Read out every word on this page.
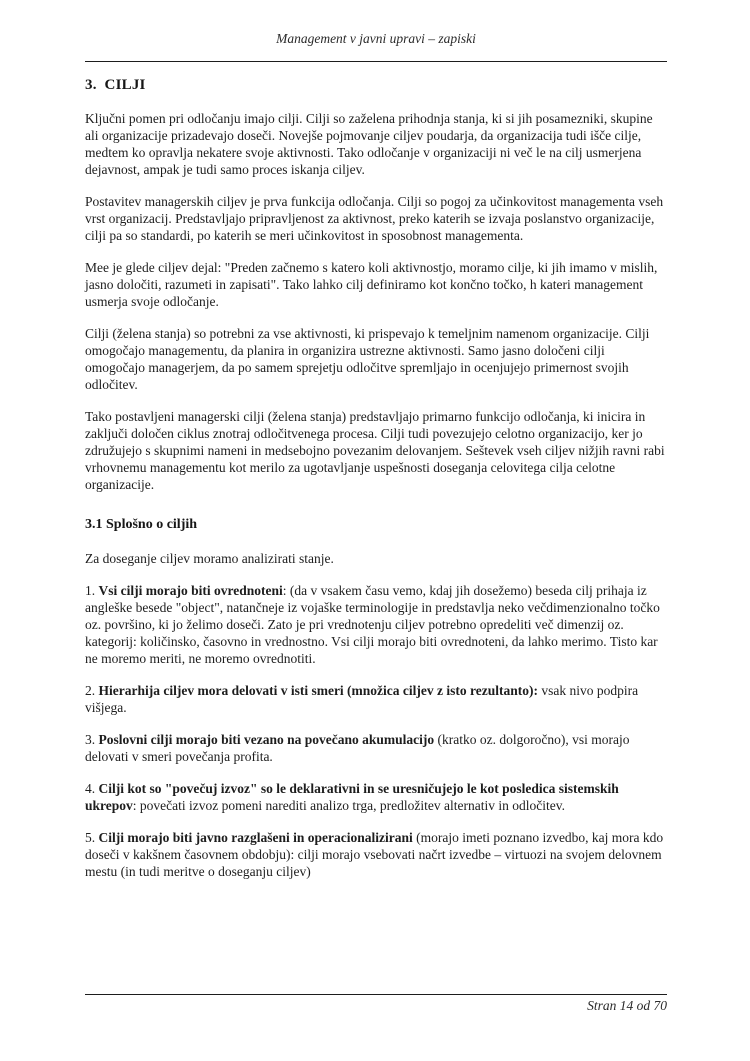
Management v javni upravi – zapiski
3.  CILJI

Ključni pomen pri odločanju imajo cilji. Cilji so zaželena prihodnja stanja, ki si jih posamezniki, skupine ali organizacije prizadevajo doseči. Novejše pojmovanje ciljev poudarja, da organizacija tudi išče cilje, medtem ko opravlja nekatere svoje aktivnosti. Tako odločanje v organizaciji ni več le na cilj usmerjena dejavnost, ampak je tudi samo proces iskanja ciljev.

Postavitev managerskih ciljev je prva funkcija odločanja. Cilji so pogoj za učinkovitost managementa vseh vrst organizacij. Predstavljajo pripravljenost za aktivnost, preko katerih se izvaja poslanstvo organizacije, cilji pa so standardi, po katerih se meri učinkovitost in sposobnost managementa.

Mee je glede ciljev dejal: "Preden začnemo s katero koli aktivnostjo, moramo cilje, ki jih imamo v mislih, jasno določiti, razumeti in zapisati". Tako lahko cilj definiramo kot končno točko, h kateri management usmerja svoje odločanje.

Cilji (želena stanja) so potrebni za vse aktivnosti, ki prispevajo k temeljnim namenom organizacije. Cilji omogočajo managementu, da planira in organizira ustrezne aktivnosti. Samo jasno določeni cilji omogočajo managerjem, da po samem sprejetju odločitve spremljajo in ocenjujejo primernost svojih odločitev.

Tako postavljeni managerski cilji (želena stanja) predstavljajo primarno funkcijo odločanja, ki inicira in zaključi določen ciklus znotraj odločitvenega procesa. Cilji tudi povezujejo celotno organizacijo, ker jo združujejo s skupnimi nameni in medsebojno povezanim delovanjem. Seštevek vseh ciljev nižjih ravni rabi vrhovnemu managementu kot merilo za ugotavljanje uspešnosti doseganja celovitega cilja celotne organizacije.

3.1 Splošno o ciljih

Za doseganje ciljev moramo analizirati stanje.

1. Vsi cilji morajo biti ovrednoteni: (da v vsakem času vemo, kdaj jih dosežemo) beseda cilj prihaja iz angleške besede "object", natančneje iz vojaške terminologije in predstavlja neko večdimenzionalno točko oz. površino, ki jo želimo doseči. Zato je pri vrednotenju ciljev potrebno opredeliti več dimenzij oz. kategorij: količinsko, časovno in vrednostno. Vsi cilji morajo biti ovrednoteni, da lahko merimo. Tisto kar ne moremo meriti, ne moremo ovrednotiti.

2. Hierarhija ciljev mora delovati v isti smeri (množica ciljev z isto rezultanto): vsak nivo podpira višjega.

3. Poslovni cilji morajo biti vezano na povečano akumulacijo (kratko oz. dolgoročno), vsi morajo delovati v smeri povečanja profita.

4. Cilji kot so "povečuj izvoz" so le deklarativni in se uresničujejo le kot posledica sistemskih ukrepov: povečati izvoz pomeni narediti analizo trga, predložitev alternativ in odločitev.

5. Cilji morajo biti javno razglašeni in operacionalizirani (morajo imeti poznano izvedbo, kaj mora kdo doseči v kakšnem časovnem obdobju): cilji morajo vsebovati načrt izvedbe – virtuozi na svojem delovnem mestu (in tudi meritve o doseganju ciljev)

Stran 14 od 70
